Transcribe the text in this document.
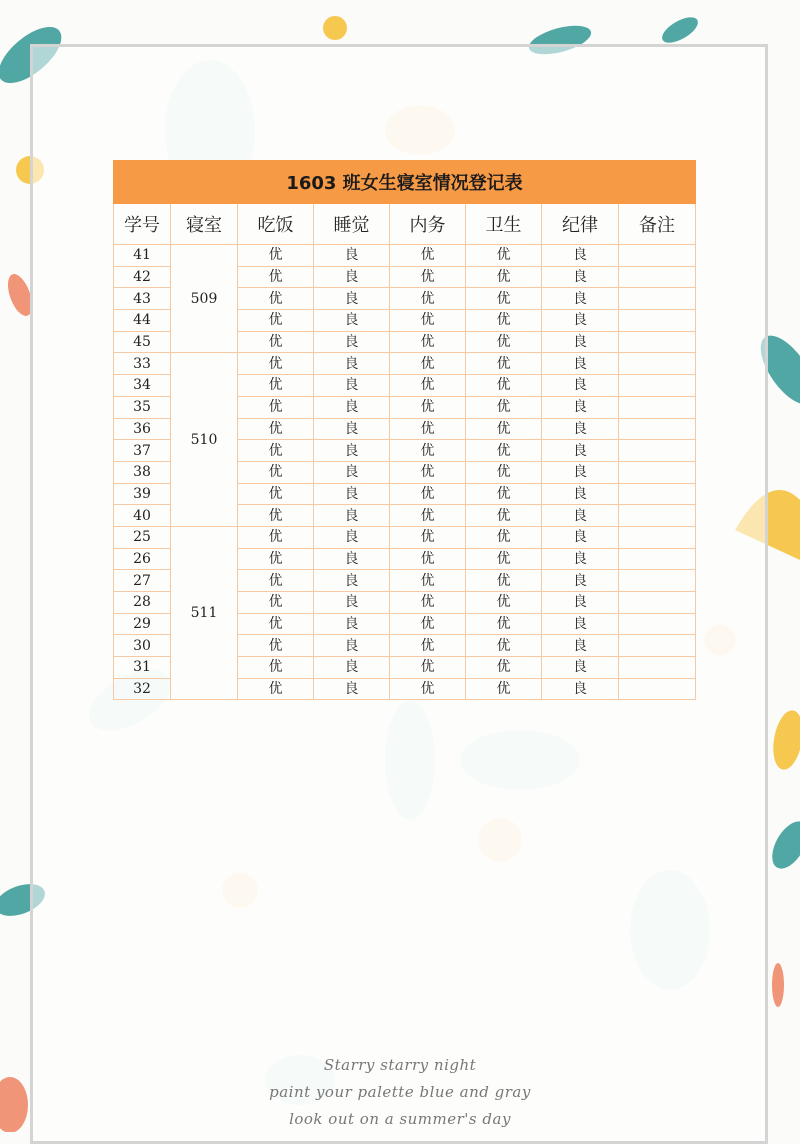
1603 班女生寝室情况登记表							
学号	寝室	吃饭	睡觉	内务	卫生	纪律	备注
41	509	优	良	优	优	良	
42		优	良	优	优	良	
43		优	良	优	优	良	
44		优	良	优	优	良	
45		优	良	优	优	良	
33	510	优	良	优	优	良	
34		优	良	优	优	良	
35		优	良	优	优	良	
36		优	良	优	优	良	
37		优	良	优	优	良	
38		优	良	优	优	良	
39		优	良	优	优	良	
40		优	良	优	优	良	
25	511	优	良	优	优	良	
26		优	良	优	优	良	
27		优	良	优	优	良	
28		优	良	优	优	良	
29		优	良	优	优	良	
30		优	良	优	优	良	
31		优	良	优	优	良	
32		优	良	优	优	良	
Starry starry night
paint your palette blue and gray
look out on a summer's day
